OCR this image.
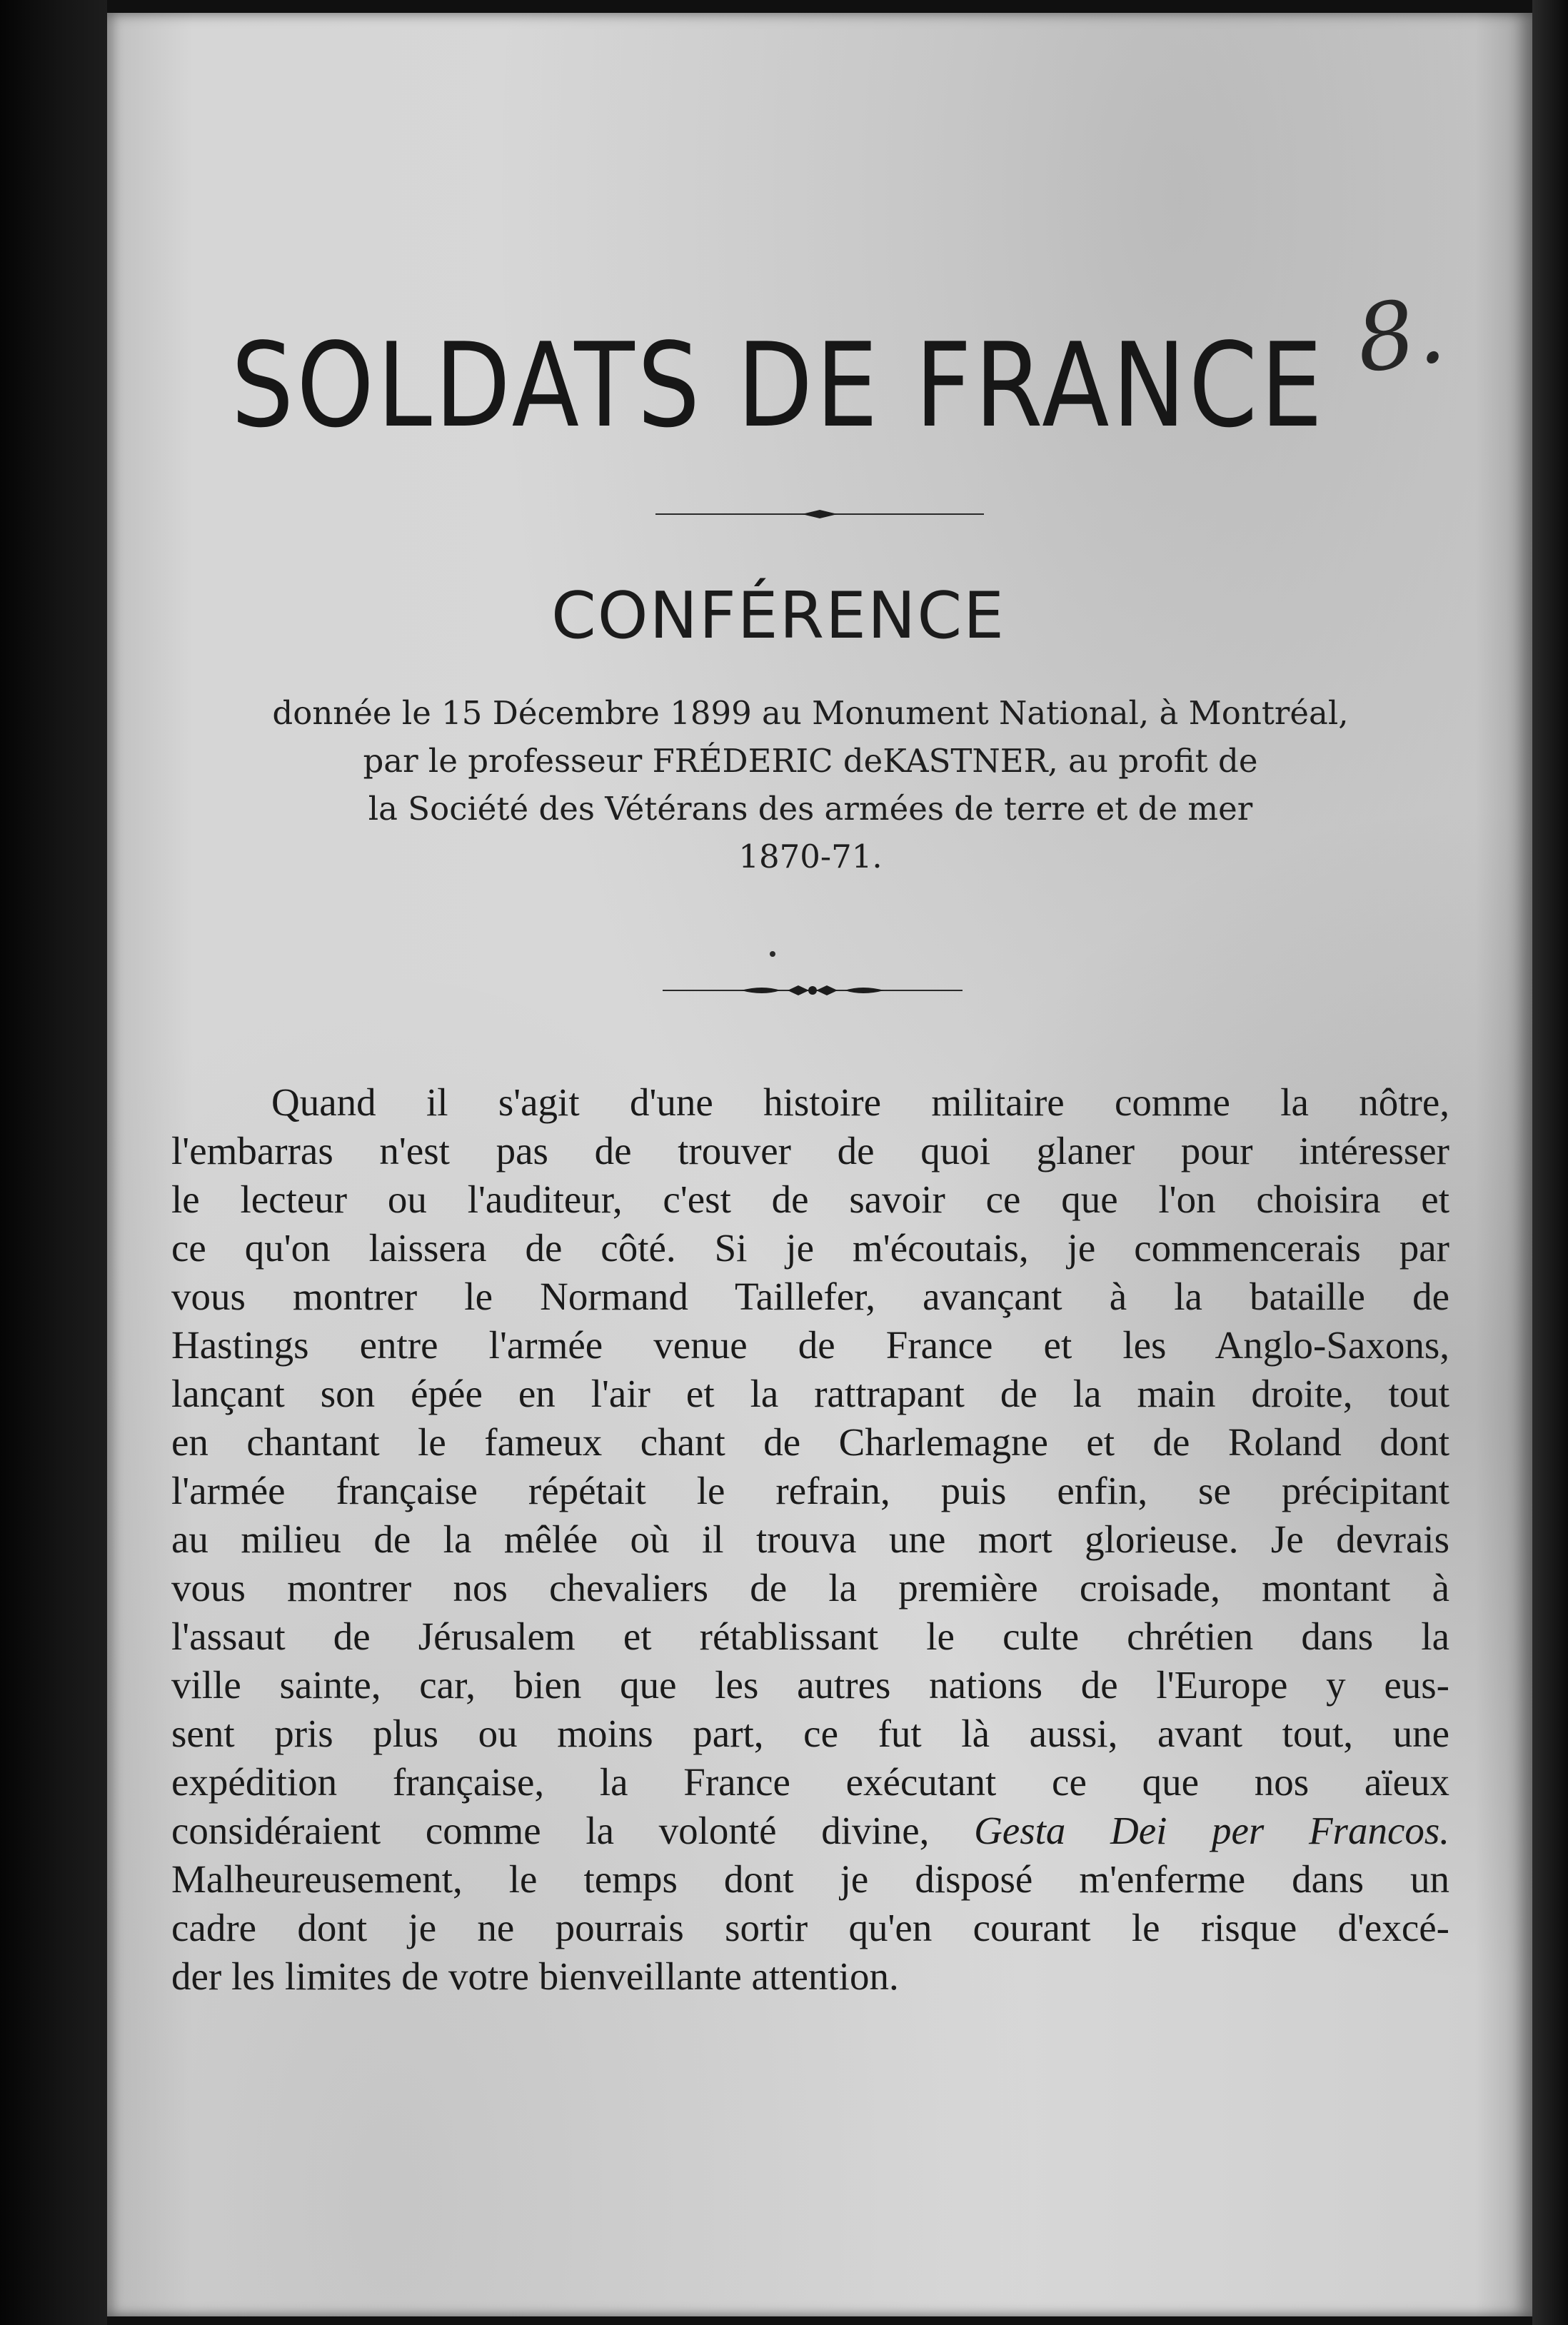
8.
SOLDATS DE FRANCE
CONFÉRENCE
donnée le 15 Décembre 1899 au Monument National, à Montréal,
par le professeur FRÉDERIC deKASTNER, au profit de
la Société des Vétérans des armées de terre et de mer
1870-71.
Quand il s'agit d'une histoire militaire comme la nôtre,
l'embarras n'est pas de trouver de quoi glaner pour intéresser
le lecteur ou l'auditeur, c'est de savoir ce que l'on choisira et
ce qu'on laissera de côté. Si je m'écoutais, je commencerais par
vous montrer le Normand Taillefer, avançant à la bataille de
Hastings entre l'armée venue de France et les Anglo-Saxons,
lançant son épée en l'air et la rattrapant de la main droite, tout
en chantant le fameux chant de Charlemagne et de Roland dont
l'armée française répétait le refrain, puis enfin, se précipitant
au milieu de la mêlée où il trouva une mort glorieuse. Je devrais
vous montrer nos chevaliers de la première croisade, montant à
l'assaut de Jérusalem et rétablissant le culte chrétien dans la
ville sainte, car, bien que les autres nations de l'Europe y eus-
sent pris plus ou moins part, ce fut là aussi, avant tout, une
expédition française, la France exécutant ce que nos aïeux
considéraient comme la volonté divine, Gesta Dei per Francos.
Malheureusement, le temps dont je disposé m'enferme dans un
cadre dont je ne pourrais sortir qu'en courant le risque d'excé-
der les limites de votre bienveillante attention.
